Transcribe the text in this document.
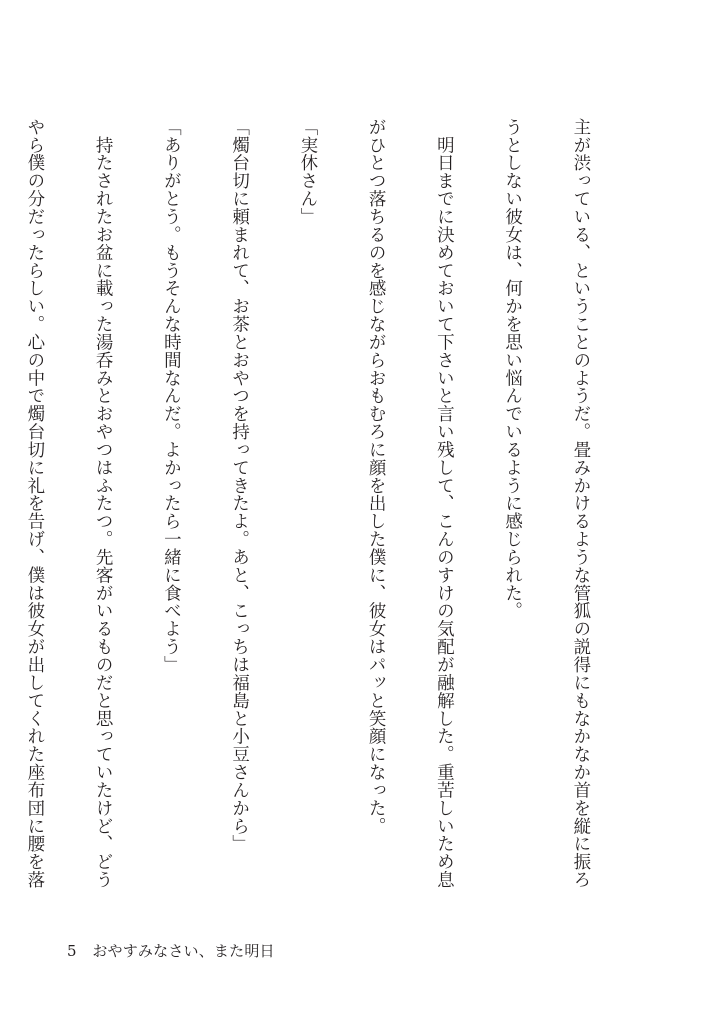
主が渋っている、ということのようだ。畳みかけるような管狐の説得にもなかなか首を縦に振ろ

うとしない彼女は、何かを思い悩んでいるように感じられた。

　明日までに決めておいて下さいと言い残して、こんのすけの気配が融解した。重苦しいため息

がひとつ落ちるのを感じながらおもむろに顔を出した僕に、彼女はパッと笑顔になった。

「実休さん」

「燭台切に頼まれて、お茶とおやつを持ってきたよ。あと、こっちは福島と小豆さんから」

「ありがとう。もうそんな時間なんだ。よかったら一緒に食べよう」

　持たされたお盆に載った湯呑みとおやつはふたつ。先客がいるものだと思っていたけど、どう

やら僕の分だったらしい。心の中で燭台切に礼を告げ、僕は彼女が出してくれた座布団に腰を落

5 おやすみなさい、また明日
